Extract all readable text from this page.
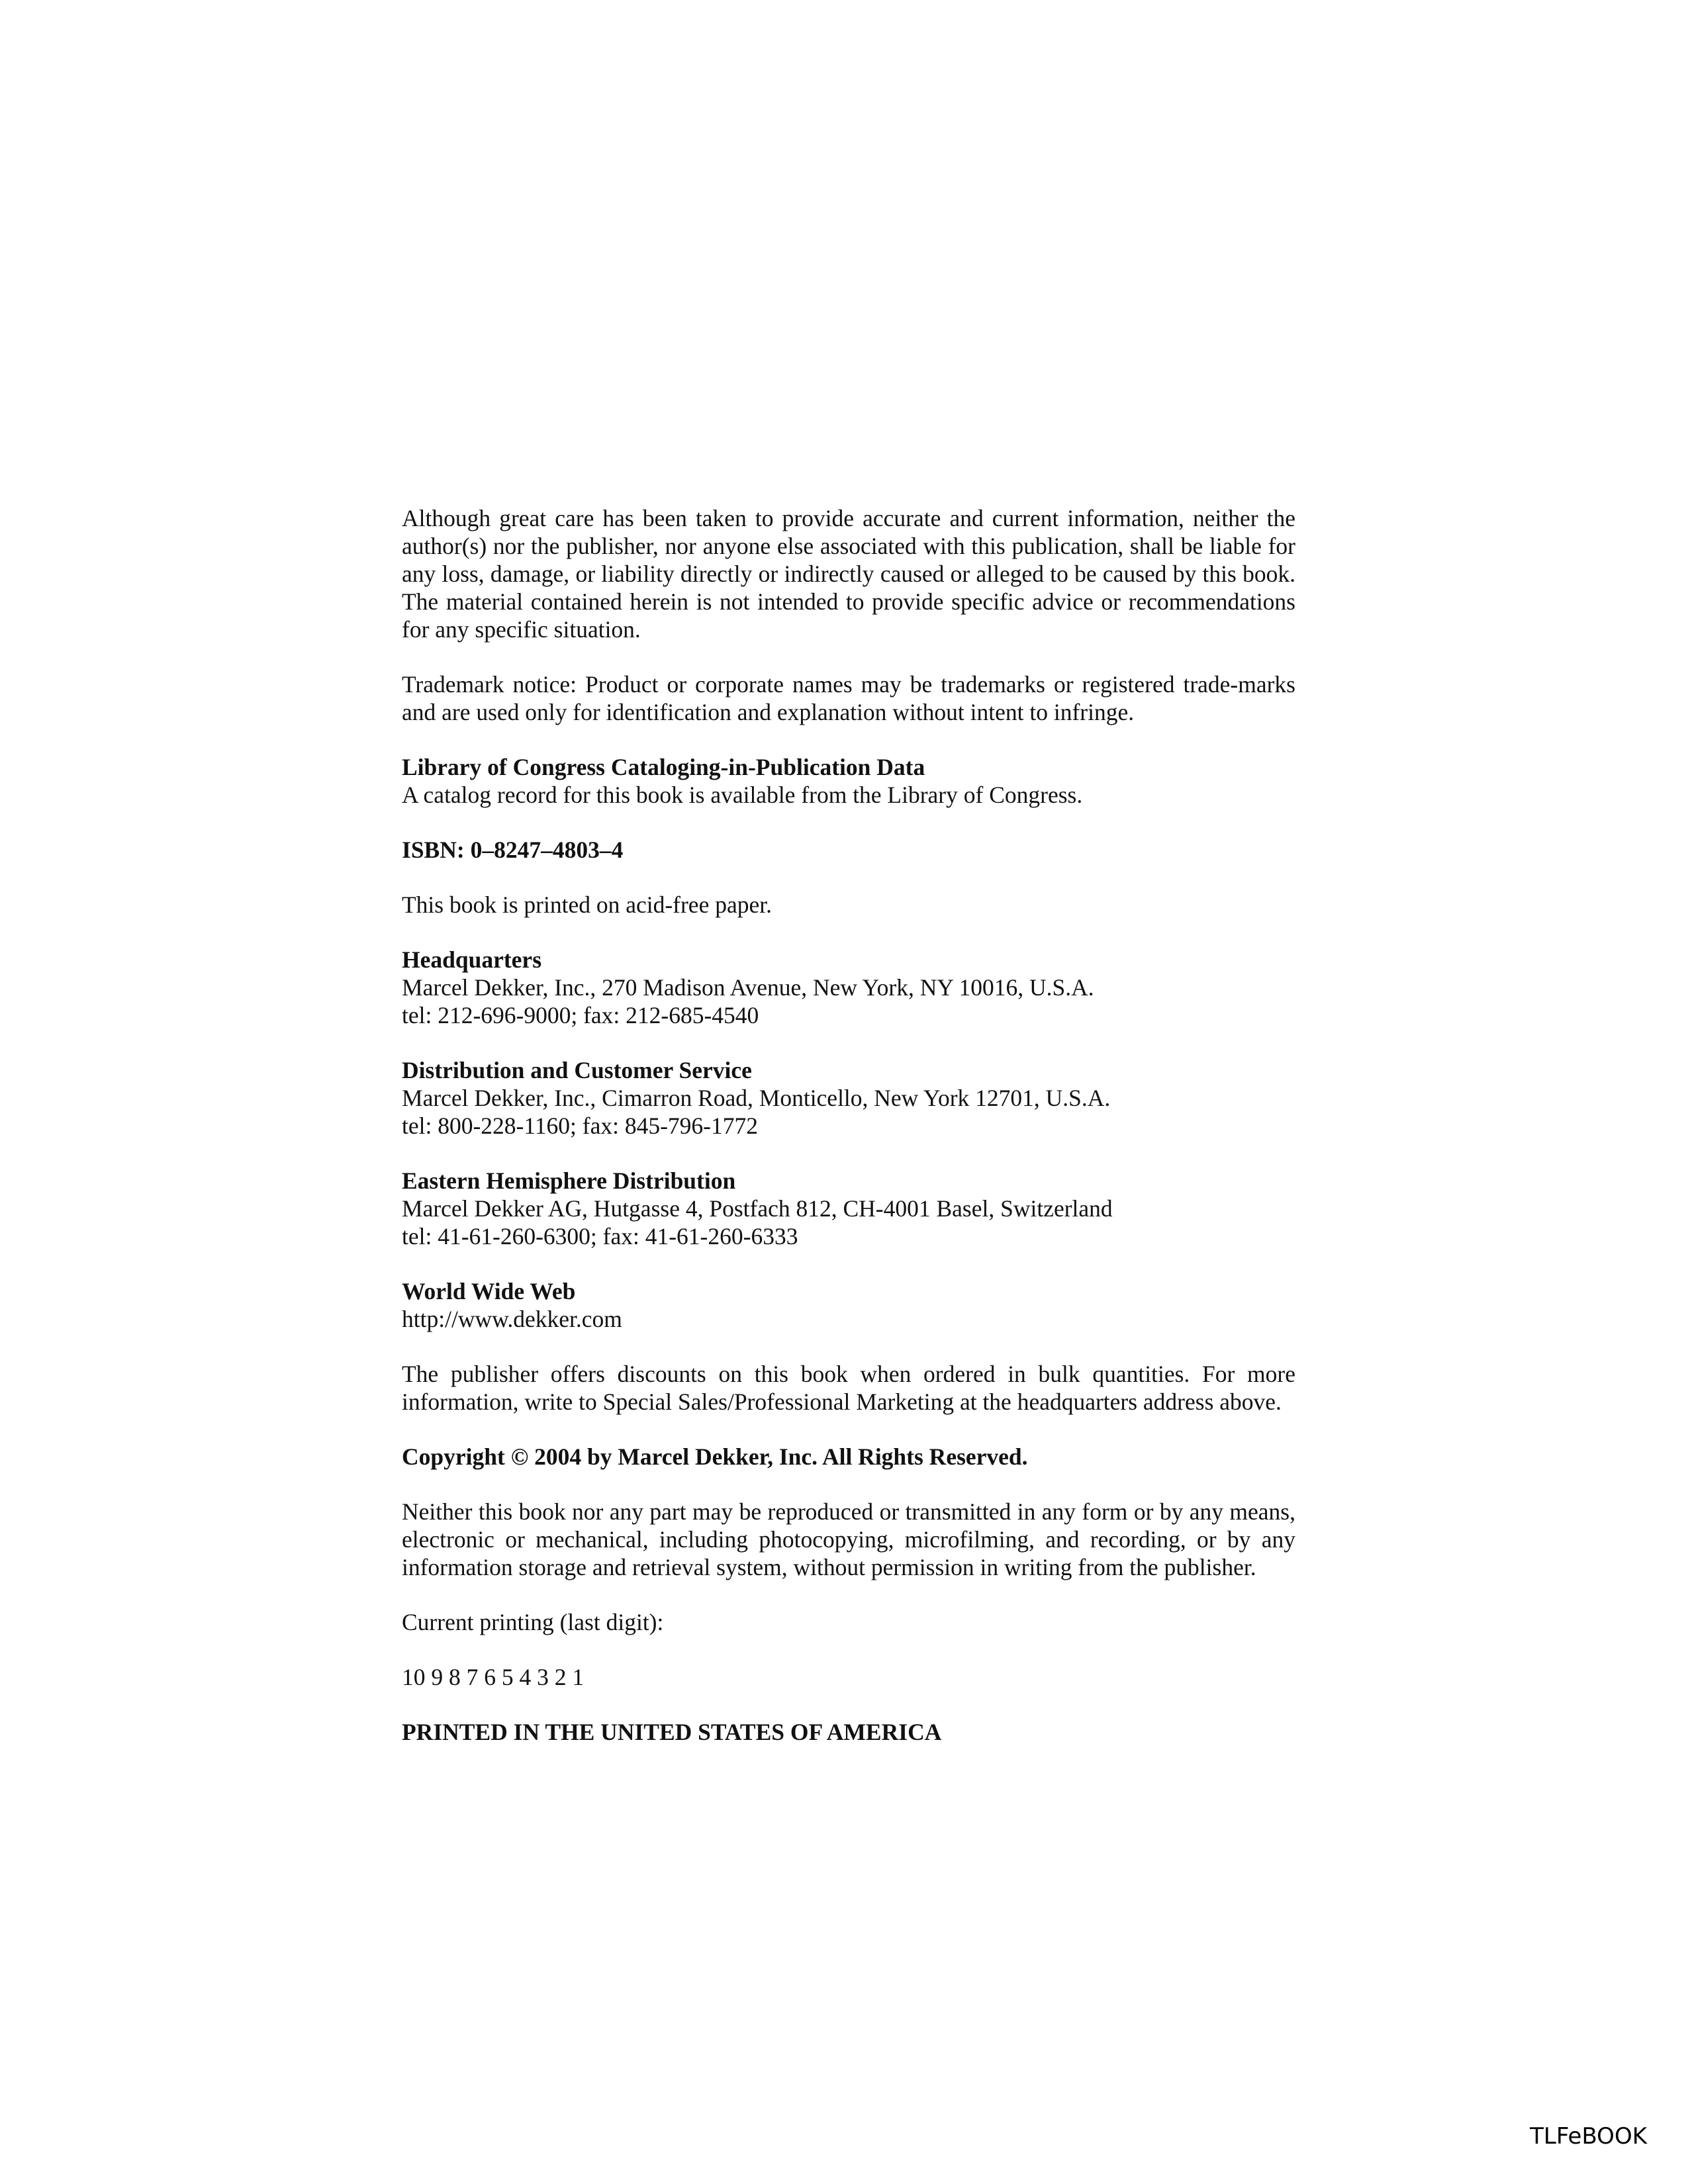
Although great care has been taken to provide accurate and current information, neither the author(s) nor the publisher, nor anyone else associated with this publication, shall be liable for any loss, damage, or liability directly or indirectly caused or alleged to be caused by this book. The material contained herein is not intended to provide specific advice or recommendations for any specific situation.

Trademark notice: Product or corporate names may be trademarks or registered trade-marks and are used only for identification and explanation without intent to infringe.

Library of Congress Cataloging-in-Publication Data
A catalog record for this book is available from the Library of Congress.
ISBN: 0–8247–4803–4
This book is printed on acid-free paper.
Headquarters
Marcel Dekker, Inc., 270 Madison Avenue, New York, NY 10016, U.S.A.
tel: 212-696-9000; fax: 212-685-4540
Distribution and Customer Service
Marcel Dekker, Inc., Cimarron Road, Monticello, New York 12701, U.S.A.
tel: 800-228-1160; fax: 845-796-1772
Eastern Hemisphere Distribution
Marcel Dekker AG, Hutgasse 4, Postfach 812, CH-4001 Basel, Switzerland
tel: 41-61-260-6300; fax: 41-61-260-6333
World Wide Web
http://www.dekker.com

The publisher offers discounts on this book when ordered in bulk quantities. For more information, write to Special Sales/Professional Marketing at the headquarters address above.

Copyright © 2004 by Marcel Dekker, Inc. All Rights Reserved.

Neither this book nor any part may be reproduced or transmitted in any form or by any means, electronic or mechanical, including photocopying, microfilming, and recording, or by any information storage and retrieval system, without permission in writing from the publisher.

Current printing (last digit):
10 9 8 7 6 5 4 3 2 1
PRINTED IN THE UNITED STATES OF AMERICA
TLFeBOOK
